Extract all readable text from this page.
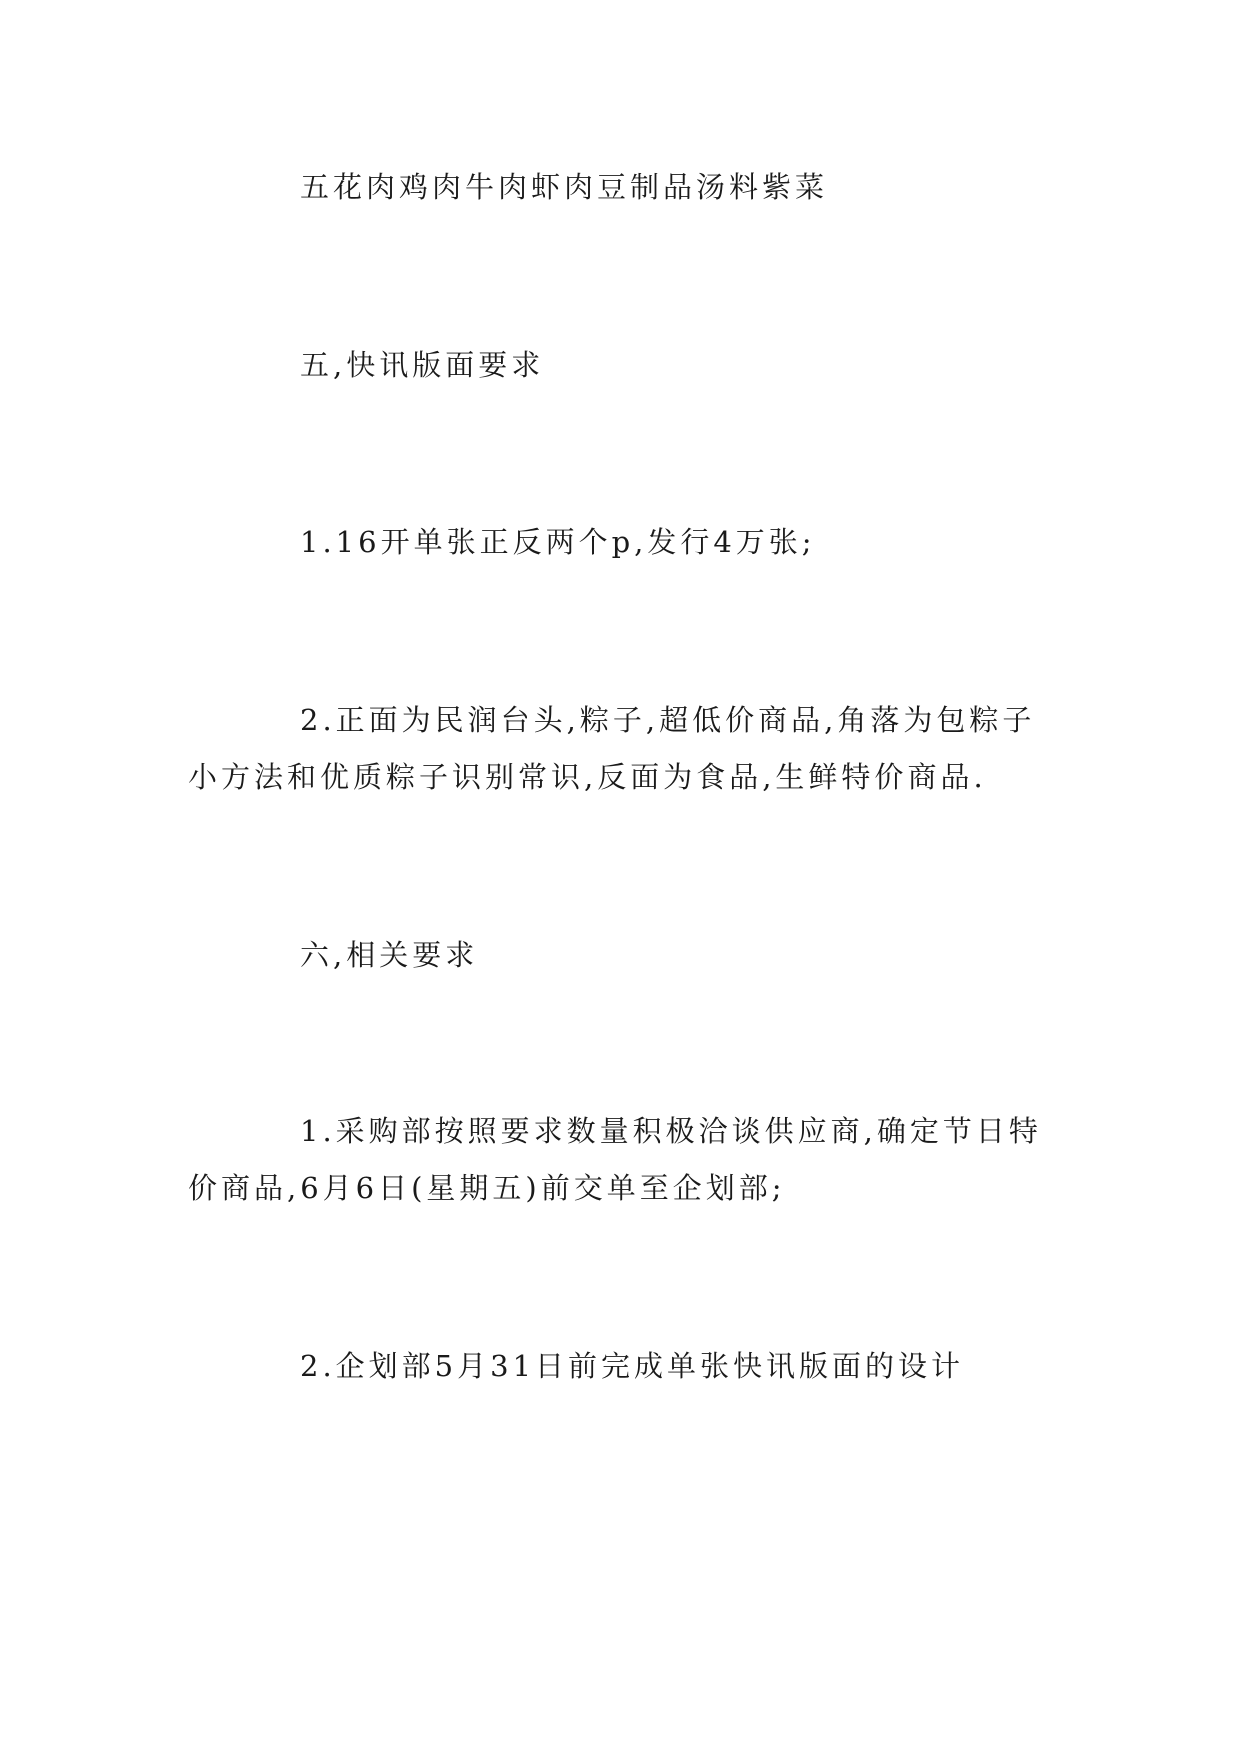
五花肉鸡肉牛肉虾肉豆制品汤料紫菜

五,快讯版面要求

1.16开单张正反两个p,发行4万张;

2.正面为民润台头,粽子,超低价商品,角落为包粽子小方法和优质粽子识别常识,反面为食品,生鲜特价商品.

六,相关要求

1.采购部按照要求数量积极洽谈供应商,确定节日特价商品,6月6日(星期五)前交单至企划部;

2.企划部5月31日前完成单张快讯版面的设计
